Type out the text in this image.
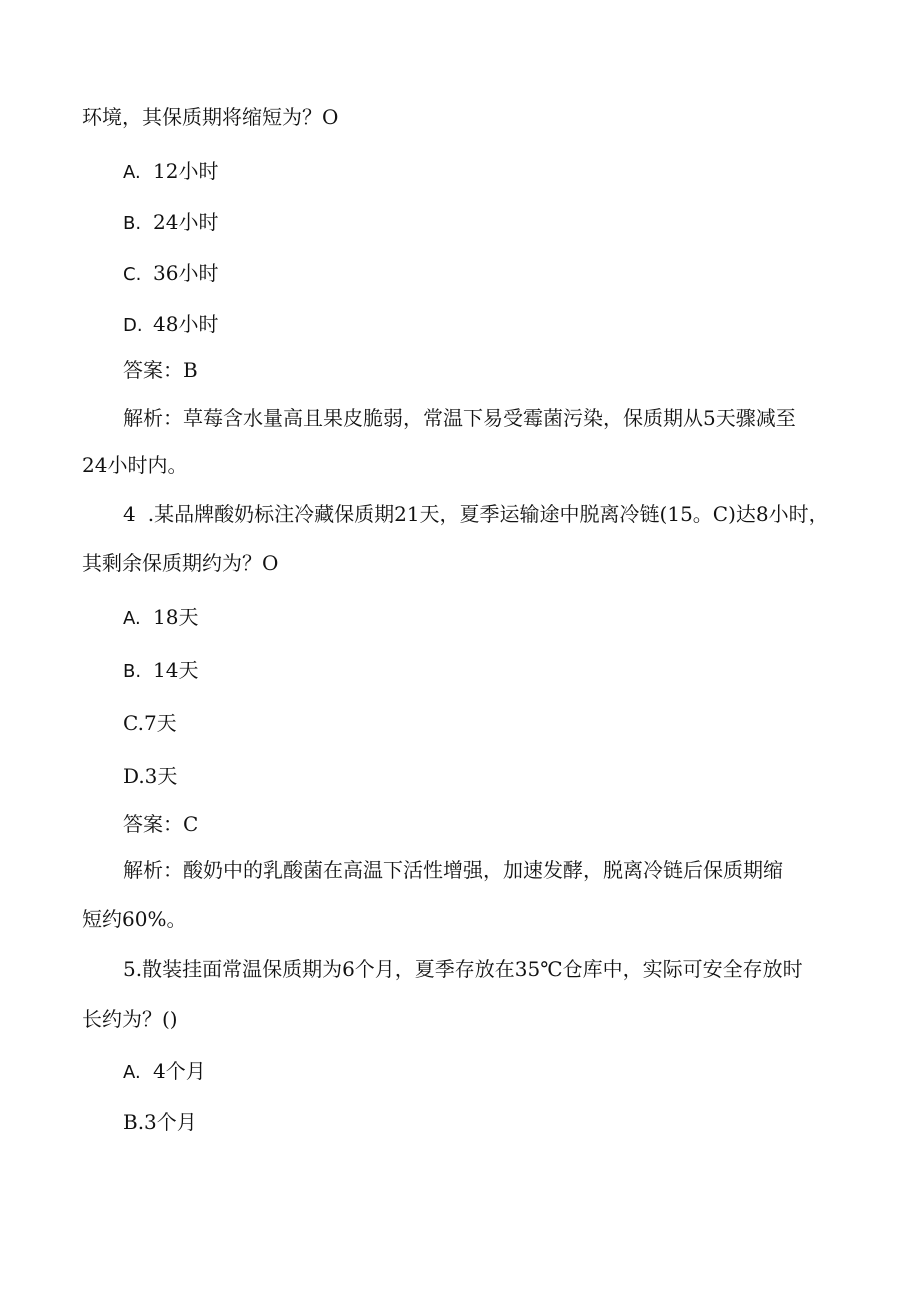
环境，其保质期将缩短为？O
A. 12小时
B. 24小时
C. 36小时
D. 48小时
答案：B
解析：草莓含水量高且果皮脆弱，常温下易受霉菌污染，保质期从5天骤减至
24小时内。
4 .某品牌酸奶标注冷藏保质期21天，夏季运输途中脱离冷链(15。C)达8小时，
其剩余保质期约为？O
A. 18天
B. 14天
C.7天
D.3天
答案：C
解析：酸奶中的乳酸菌在高温下活性增强，加速发酵，脱离冷链后保质期缩
短约60%。
5.散装挂面常温保质期为6个月，夏季存放在35℃仓库中，实际可安全存放时
长约为？()
A. 4个月
B.3个月
